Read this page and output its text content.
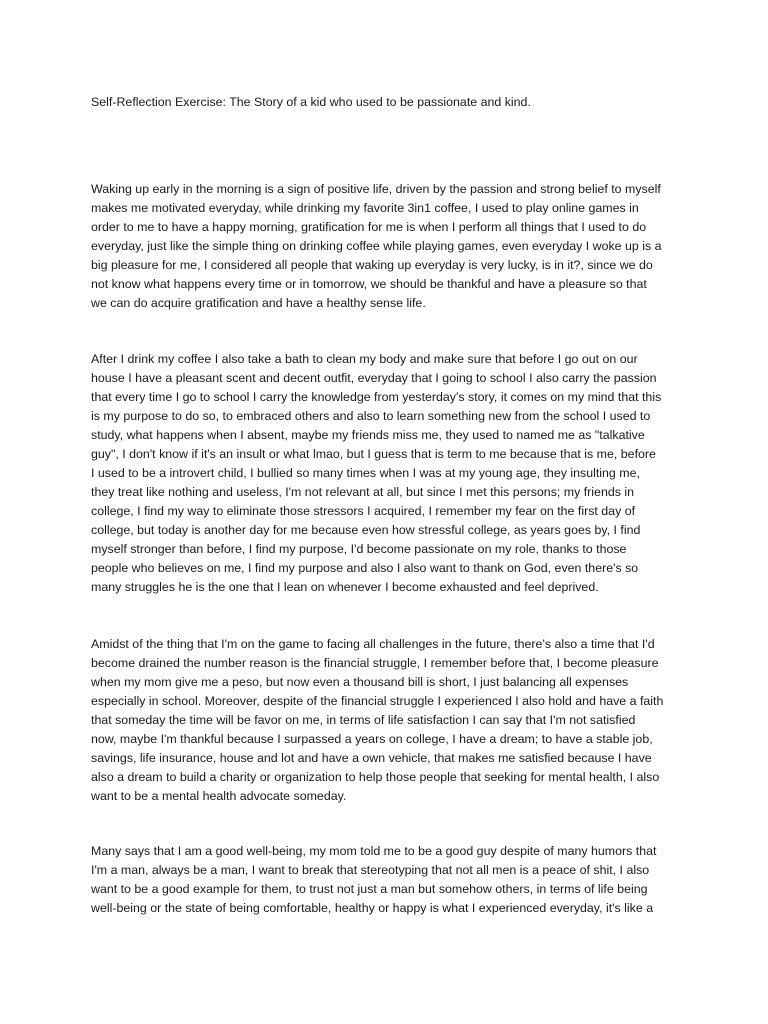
Self-Reflection Exercise: The Story of a kid who used to be passionate and kind.

Waking up early in the morning is a sign of positive life, driven by the passion and strong belief to myself
makes me motivated everyday, while drinking my favorite 3in1 coffee, I used to play online games in
order to me to have a happy morning, gratification for me is when I perform all things that I used to do
everyday, just like the simple thing on drinking coffee while playing games, even everyday I woke up is a
big pleasure for me, I considered all people that waking up everyday is very lucky, is in it?, since we do
not know what happens every time or in tomorrow, we should be thankful and have a pleasure so that
we can do acquire gratification and have a healthy sense life.

After I drink my coffee I also take a bath to clean my body and make sure that before I go out on our
house I have a pleasant scent and decent outfit, everyday that I going to school I also carry the passion
that every time I go to school I carry the knowledge from yesterday's story, it comes on my mind that this
is my purpose to do so, to embraced others and also to learn something new from the school I used to
study, what happens when I absent, maybe my friends miss me, they used to named me as "talkative
guy", I don't know if it's an insult or what lmao, but I guess that is term to me because that is me, before
I used to be a introvert child, I bullied so many times when I was at my young age, they insulting me,
they treat like nothing and useless, I'm not relevant at all, but since I met this persons; my friends in
college, I find my way to eliminate those stressors I acquired, I remember my fear on the first day of
college, but today is another day for me because even how stressful college, as years goes by, I find
myself stronger than before, I find my purpose, I'd become passionate on my role, thanks to those
people who believes on me, I find my purpose and also I also want to thank on God, even there's so
many struggles he is the one that I lean on whenever I become exhausted and feel deprived.

Amidst of the thing that I'm on the game to facing all challenges in the future, there's also a time that I'd
become drained the number reason is the financial struggle, I remember before that, I become pleasure
when my mom give me a peso, but now even a thousand bill is short, I just balancing all expenses
especially in school. Moreover, despite of the financial struggle I experienced I also hold and have a faith
that someday the time will be favor on me, in terms of life satisfaction I can say that I'm not satisfied
now, maybe I'm thankful because I surpassed a years on college, I have a dream; to have a stable job,
savings, life insurance, house and lot and have a own vehicle, that makes me satisfied because I have
also a dream to build a charity or organization to help those people that seeking for mental health, I also
want to be a mental health advocate someday.

Many says that I am a good well-being, my mom told me to be a good guy despite of many humors that
I'm a man, always be a man, I want to break that stereotyping that not all men is a peace of shit, I also
want to be a good example for them, to trust not just a man but somehow others, in terms of life being
well-being or the state of being comfortable, healthy or happy is what I experienced everyday, it's like a
